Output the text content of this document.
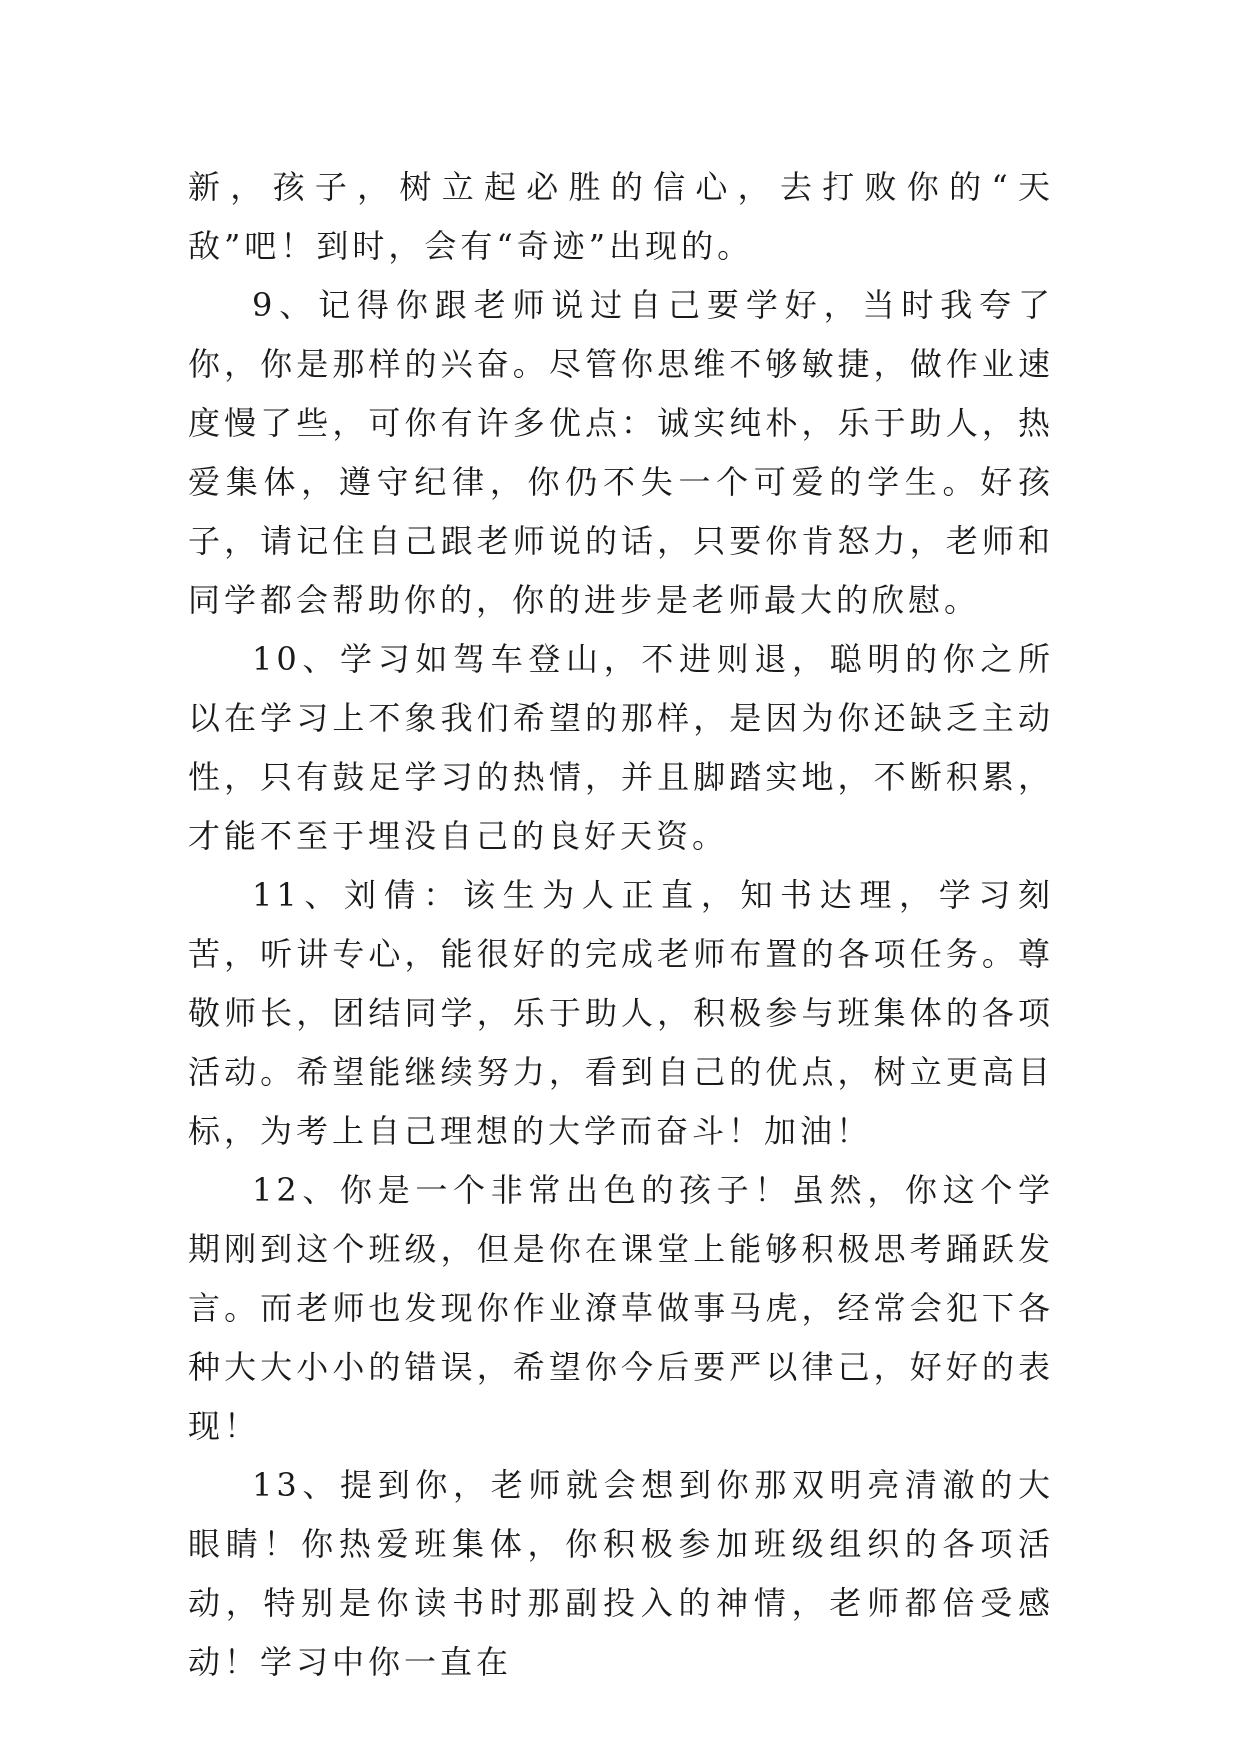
新，孩子，树立起必胜的信心，去打败你的“天敌”吧！到时，会有“奇迹”出现的。

9、记得你跟老师说过自己要学好，当时我夸了你，你是那样的兴奋。尽管你思维不够敏捷，做作业速度慢了些，可你有许多优点：诚实纯朴，乐于助人，热爱集体，遵守纪律，你仍不失一个可爱的学生。好孩子，请记住自己跟老师说的话，只要你肯怒力，老师和同学都会帮助你的，你的进步是老师最大的欣慰。

10、学习如驾车登山，不进则退，聪明的你之所以在学习上不象我们希望的那样，是因为你还缺乏主动性，只有鼓足学习的热情，并且脚踏实地，不断积累，才能不至于埋没自己的良好天资。

11、刘倩：该生为人正直，知书达理，学习刻苦，听讲专心，能很好的完成老师布置的各项任务。尊敬师长，团结同学，乐于助人，积极参与班集体的各项活动。希望能继续努力，看到自己的优点，树立更高目标，为考上自己理想的大学而奋斗！加油！

12、你是一个非常出色的孩子！虽然，你这个学期刚到这个班级，但是你在课堂上能够积极思考踊跃发言。而老师也发现你作业潦草做事马虎，经常会犯下各种大大小小的错误，希望你今后要严以律己，好好的表现！

13、提到你，老师就会想到你那双明亮清澈的大眼睛！你热爱班集体，你积极参加班级组织的各项活动，特别是你读书时那副投入的神情，老师都倍受感动！学习中你一直在
